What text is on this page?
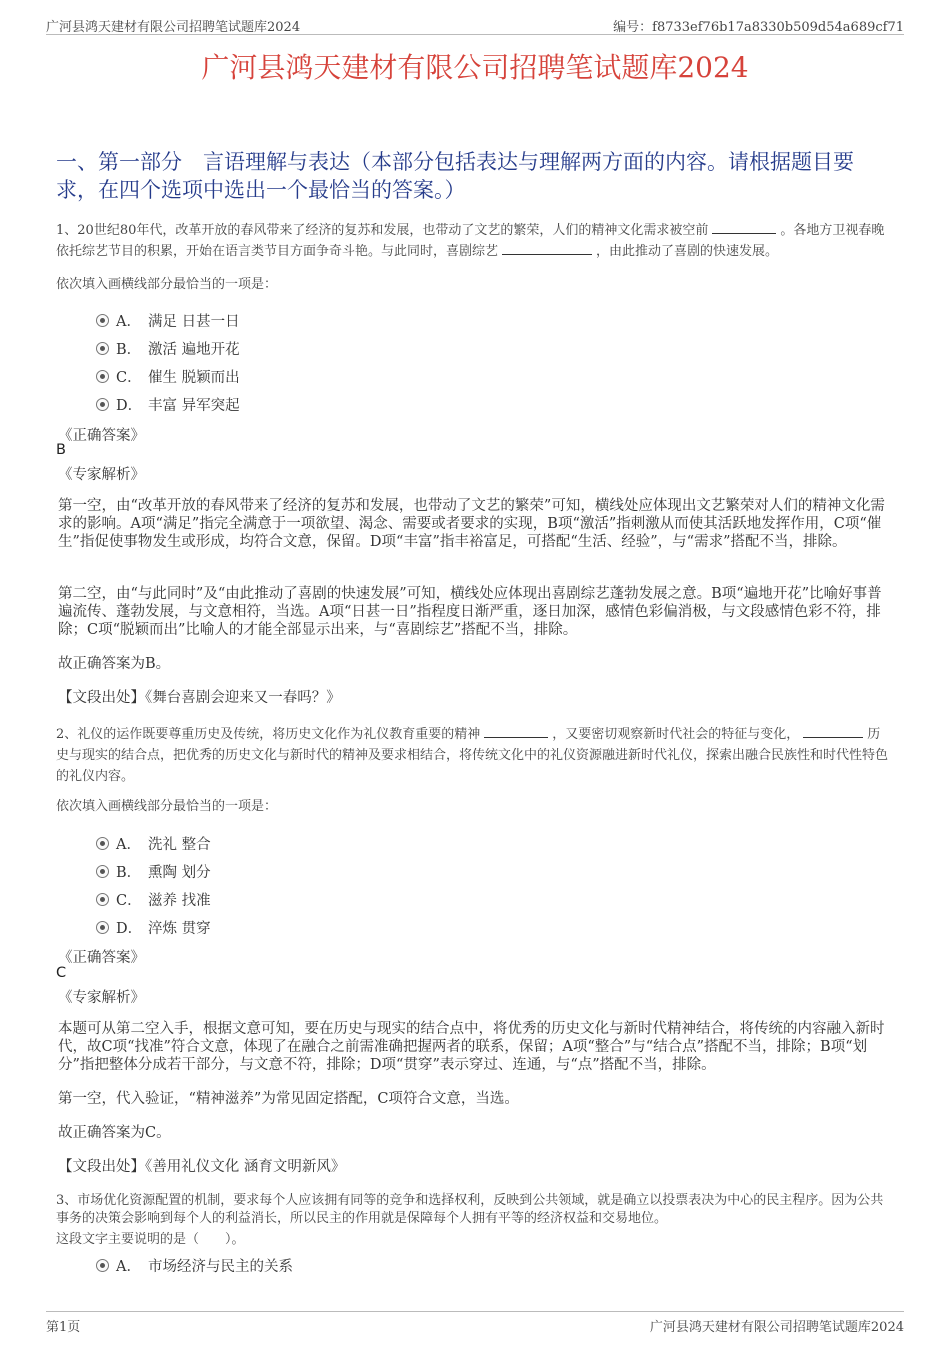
广河县鸿天建材有限公司招聘笔试题库2024	编号：f8733ef76b17a8330b509d54a689cf71
广河县鸿天建材有限公司招聘笔试题库2024
一、第一部分　言语理解与表达（本部分包括表达与理解两方面的内容。请根据题目要求，在四个选项中选出一个最恰当的答案。）
1、20世纪80年代，改革开放的春风带来了经济的复苏和发展，也带动了文艺的繁荣，人们的精神文化需求被空前	。各地方卫视春晚依托综艺节目的积累，开始在语言类节目方面争奇斗艳。与此同时，喜剧综艺	，由此推动了喜剧的快速发展。
依次填入画横线部分最恰当的一项是：
A． 满足 日甚一日
B． 激活 遍地开花
C． 催生 脱颖而出
D． 丰富 异军突起
《正确答案》
B
《专家解析》
第一空，由“改革开放的春风带来了经济的复苏和发展，也带动了文艺的繁荣”可知，横线处应体现出文艺繁荣对人们的精神文化需求的影响。A项“满足”指完全满意于一项欲望、渴念、需要或者要求的实现，B项“激活”指刺激从而使其活跃地发挥作用，C项“催生”指促使事物发生或形成，均符合文意，保留。D项“丰富”指丰裕富足，可搭配“生活、经验”，与“需求”搭配不当，排除。
第二空，由“与此同时”及“由此推动了喜剧的快速发展”可知，横线处应体现出喜剧综艺蓬勃发展之意。B项“遍地开花”比喻好事普遍流传、蓬勃发展，与文意相符，当选。A项“日甚一日”指程度日渐严重，逐日加深，感情色彩偏消极，与文段感情色彩不符，排除；C项“脱颖而出”比喻人的才能全部显示出来，与“喜剧综艺”搭配不当，排除。
故正确答案为B。
【文段出处】《舞台喜剧会迎来又一春吗？》
2、礼仪的运作既要尊重历史及传统，将历史文化作为礼仪教育重要的精神	，又要密切观察新时代社会的特征与变化，	历史与现实的结合点，把优秀的历史文化与新时代的精神及要求相结合，将传统文化中的礼仪资源融进新时代礼仪，探索出融合民族性和时代性特色的礼仪内容。
依次填入画横线部分最恰当的一项是：
A． 洗礼 整合
B． 熏陶 划分
C． 滋养 找准
D． 淬炼 贯穿
《正确答案》
C
《专家解析》
本题可从第二空入手，根据文意可知，要在历史与现实的结合点中，将优秀的历史文化与新时代精神结合，将传统的内容融入新时代，故C项“找准”符合文意，体现了在融合之前需准确把握两者的联系，保留；A项“整合”与“结合点”搭配不当，排除；B项“划分”指把整体分成若干部分，与文意不符，排除；D项“贯穿”表示穿过、连通，与“点”搭配不当，排除。
第一空，代入验证，“精神滋养”为常见固定搭配，C项符合文意，当选。
故正确答案为C。
【文段出处】《善用礼仪文化 涵育文明新风》
3、市场优化资源配置的机制，要求每个人应该拥有同等的竞争和选择权利，反映到公共领域，就是确立以投票表决为中心的民主程序。因为公共事务的决策会影响到每个人的利益消长，所以民主的作用就是保障每个人拥有平等的经济权益和交易地位。
这段文字主要说明的是（　　）。
A． 市场经济与民主的关系
第1页	广河县鸿天建材有限公司招聘笔试题库2024
